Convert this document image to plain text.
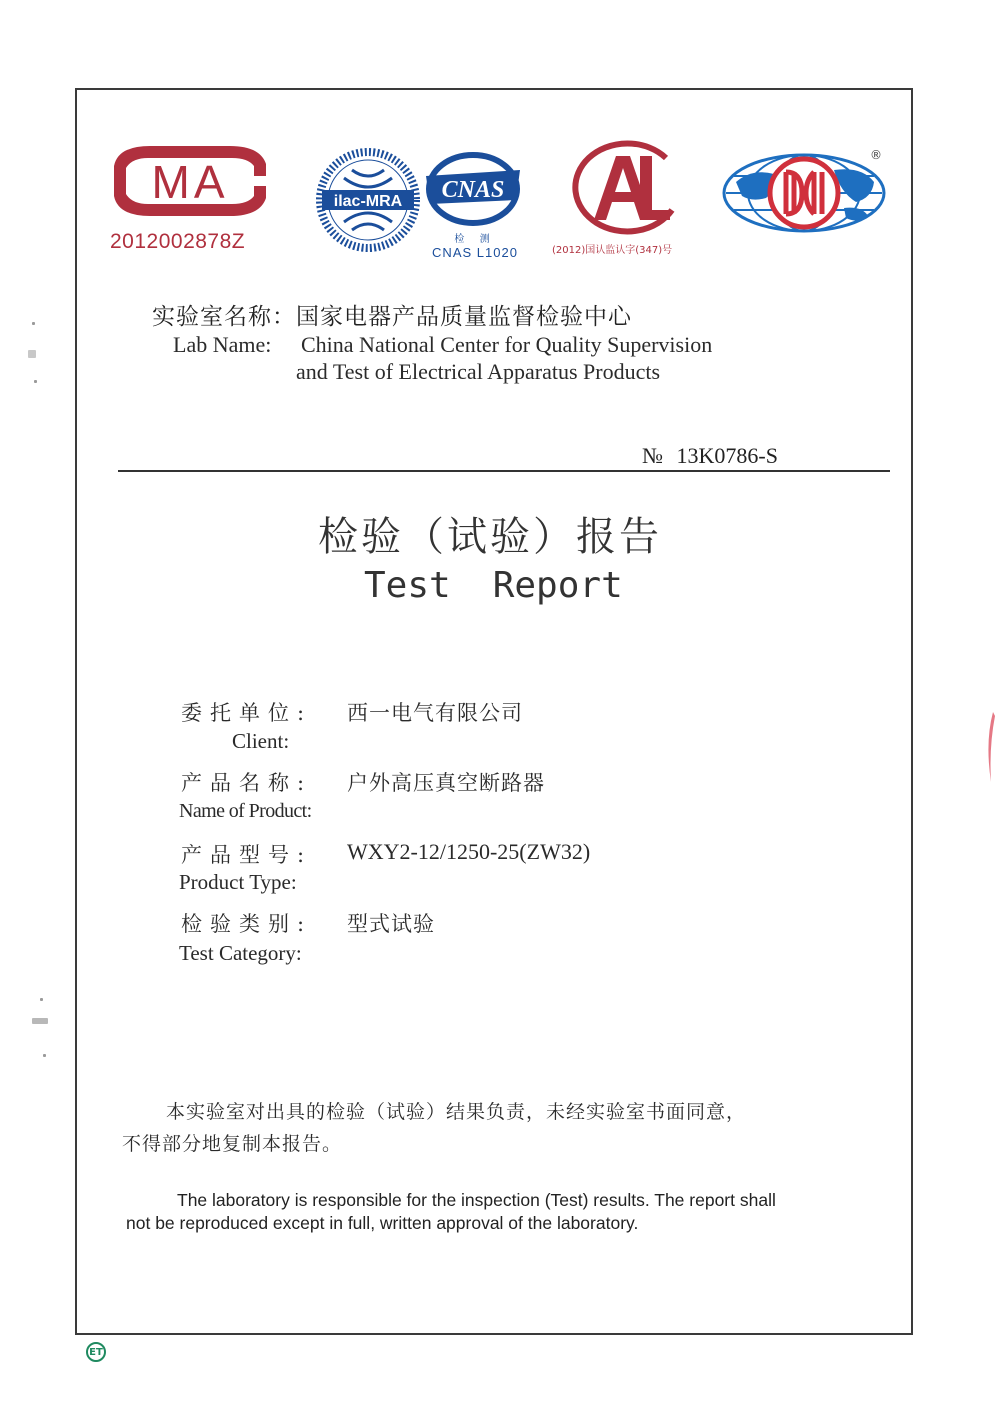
MA
2012002878Z
ilac-MRA CNAS
检 测
CNAS L1020	(2012)国认监认字(347)号
®
实验室名称：国家电器产品质量监督检验中心
Lab Name: China National Center for Quality Supervision
and Test of Electrical Apparatus Products
№ 13K0786-S
检验（试验）报告
Test Report
委托单位: 西一电气有限公司
Client:
产品名称: 户外高压真空断路器
Name of Product:
产品型号: WXY2-12/1250-25(ZW32)
Product Type:
检验类别: 型式试验
Test Category:
本实验室对出具的检验（试验）结果负责，未经实验室书面同意，
不得部分地复制本报告。
The laboratory is responsible for the inspection (Test) results. The report shall
not be reproduced except in full, written approval of the laboratory.
ET
